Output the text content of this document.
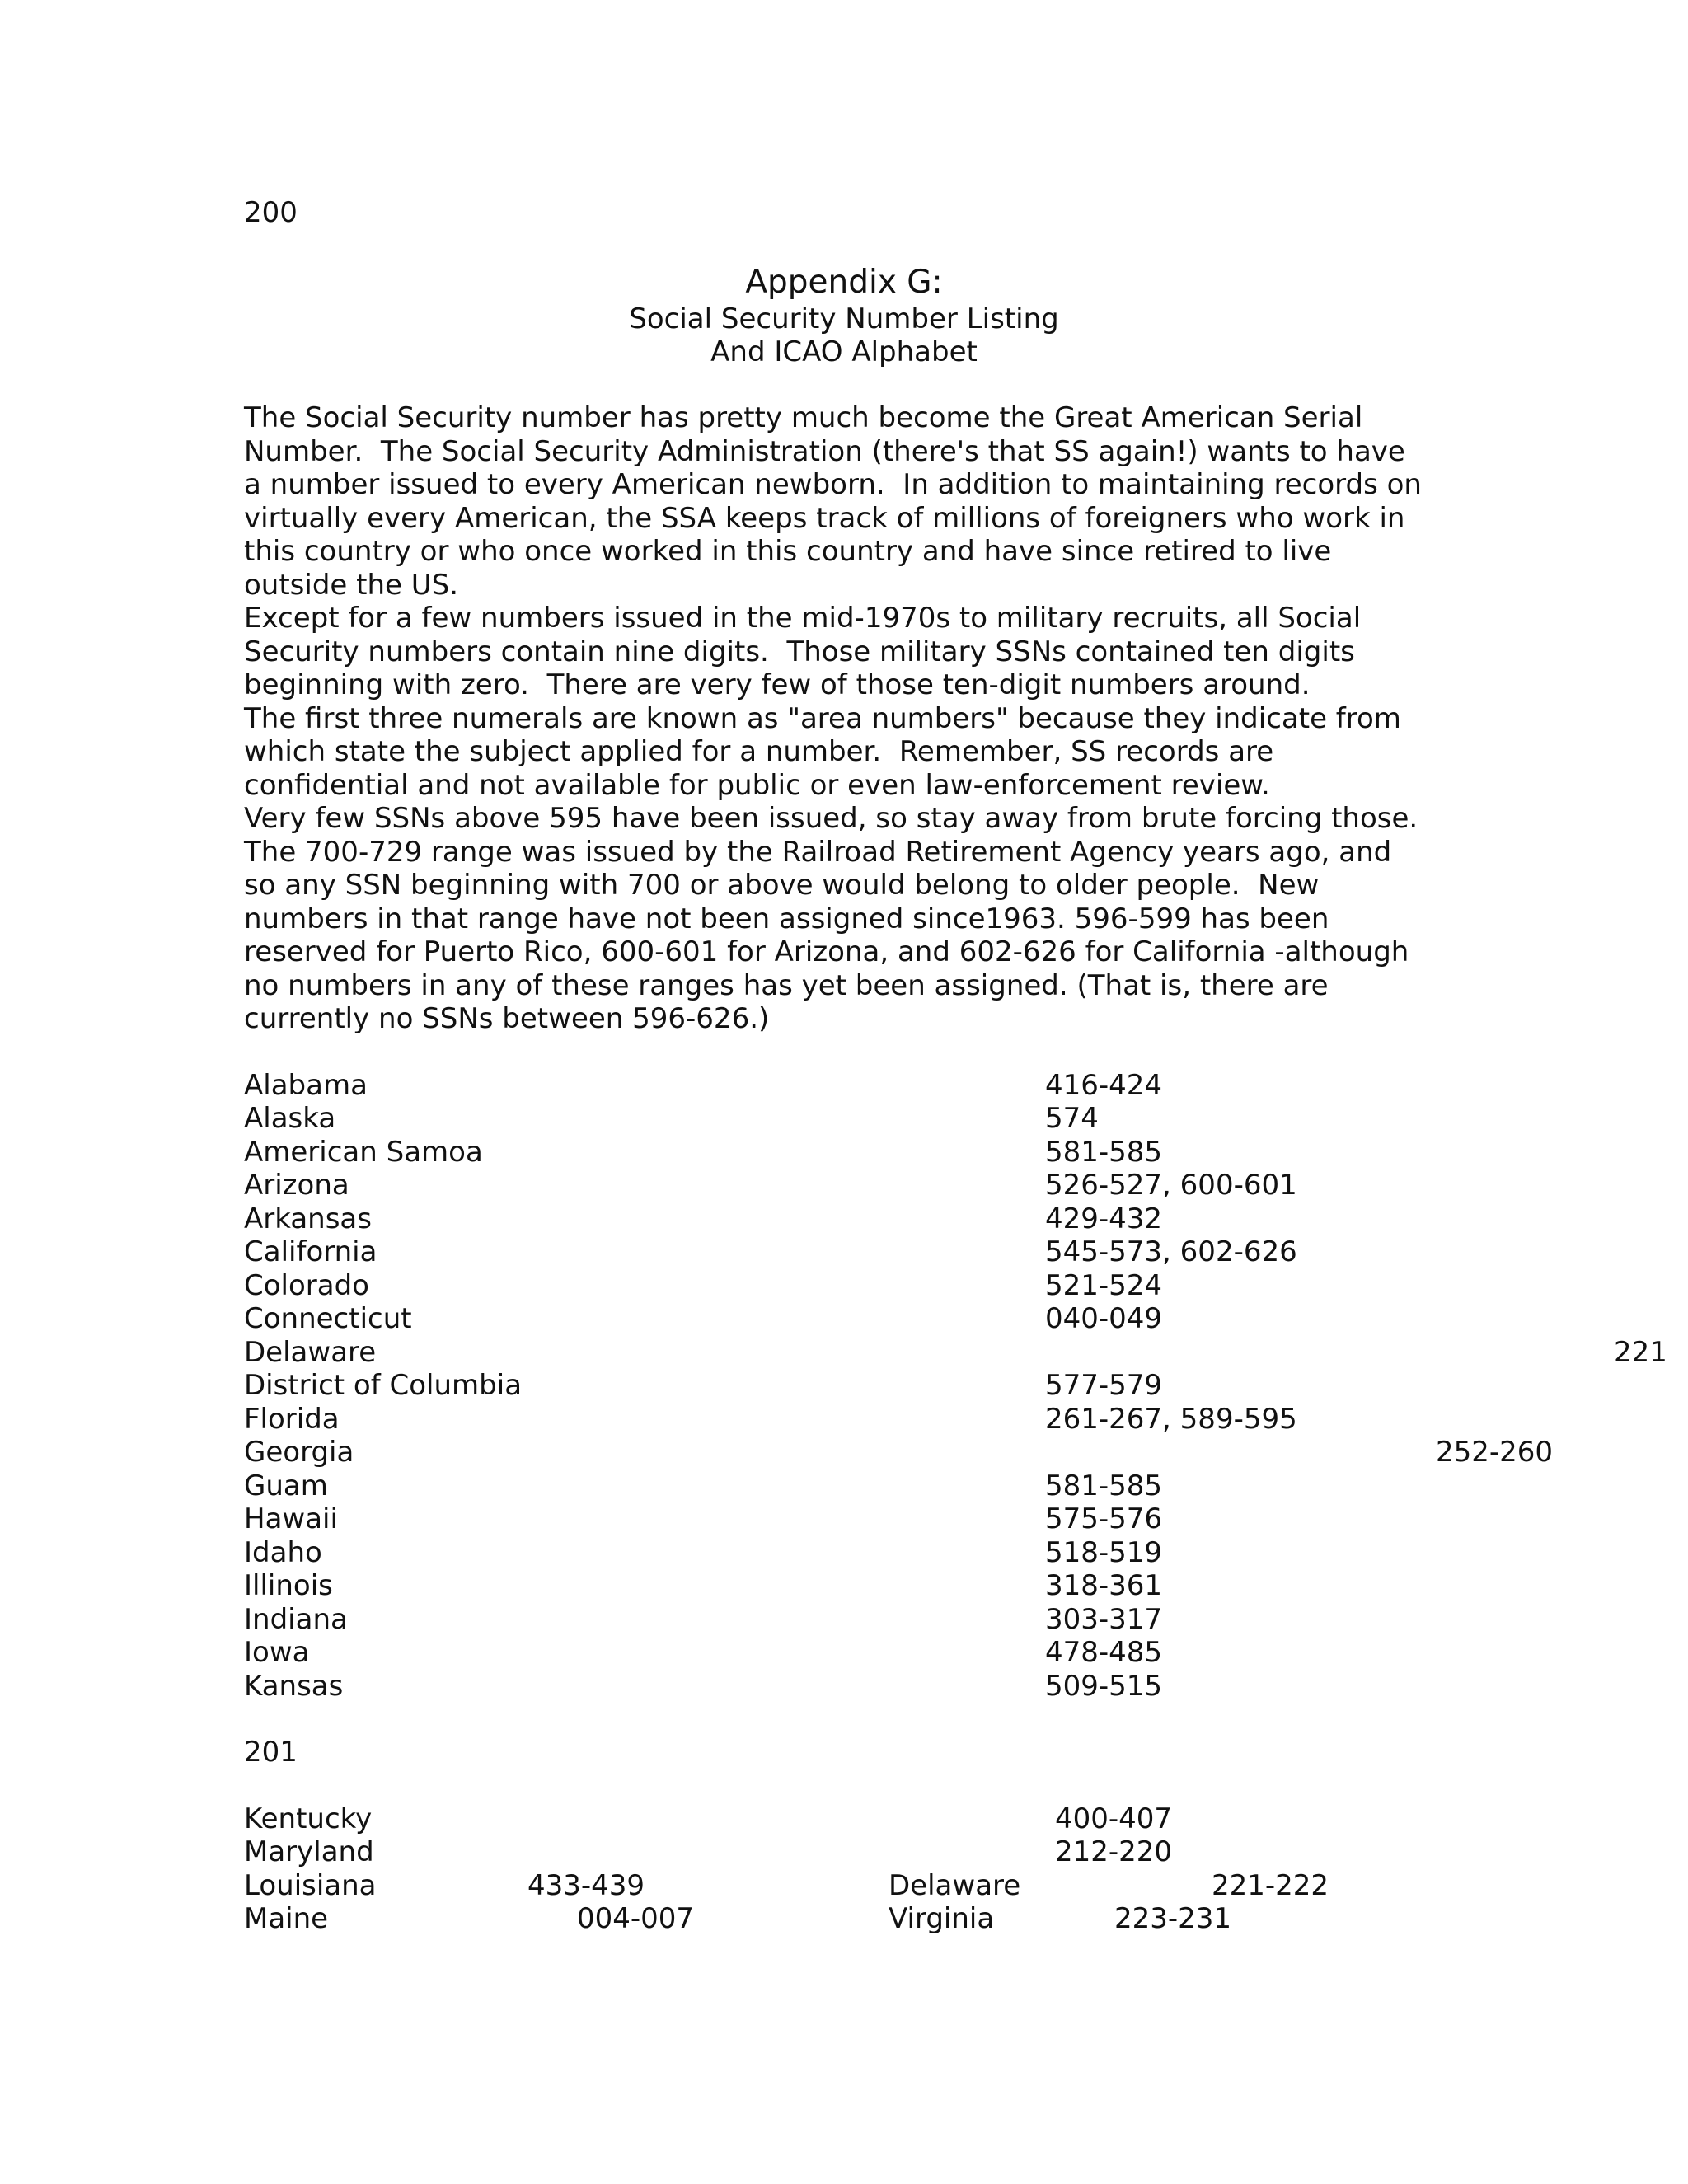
200
Appendix G:
Social Security Number Listing
And ICAO Alphabet
The Social Security number has pretty much become the Great American Serial
Number.  The Social Security Administration (there's that SS again!) wants to have
a number issued to every American newborn.  In addition to maintaining records on
virtually every American, the SSA keeps track of millions of foreigners who work in
this country or who once worked in this country and have since retired to live
outside the US.
Except for a few numbers issued in the mid-1970s to military recruits, all Social
Security numbers contain nine digits.  Those military SSNs contained ten digits
beginning with zero.  There are very few of those ten-digit numbers around.
The first three numerals are known as "area numbers" because they indicate from
which state the subject applied for a number.  Remember, SS records are
confidential and not available for public or even law-enforcement review.
Very few SSNs above 595 have been issued, so stay away from brute forcing those.
The 700-729 range was issued by the Railroad Retirement Agency years ago, and
so any SSN beginning with 700 or above would belong to older people.  New
numbers in that range have not been assigned since1963. 596-599 has been
reserved for Puerto Rico, 600-601 for Arizona, and 602-626 for California -although
no numbers in any of these ranges has yet been assigned. (That is, there are
currently no SSNs between 596-626.)
Alabama	416-424
Alaska	574
American Samoa	581-585
Arizona	526-527, 600-601
Arkansas	429-432
California	545-573, 602-626
Colorado	521-524
Connecticut	040-049
Delaware	221
District of Columbia	577-579
Florida	261-267, 589-595
Georgia	252-260
Guam	581-585
Hawaii	575-576
Idaho	518-519
Illinois	318-361
Indiana	303-317
Iowa	478-485
Kansas	509-515
201
Kentucky	400-407
Maryland	212-220
Louisiana	433-439	Delaware	221-222
Maine	004-007	Virginia	223-231
